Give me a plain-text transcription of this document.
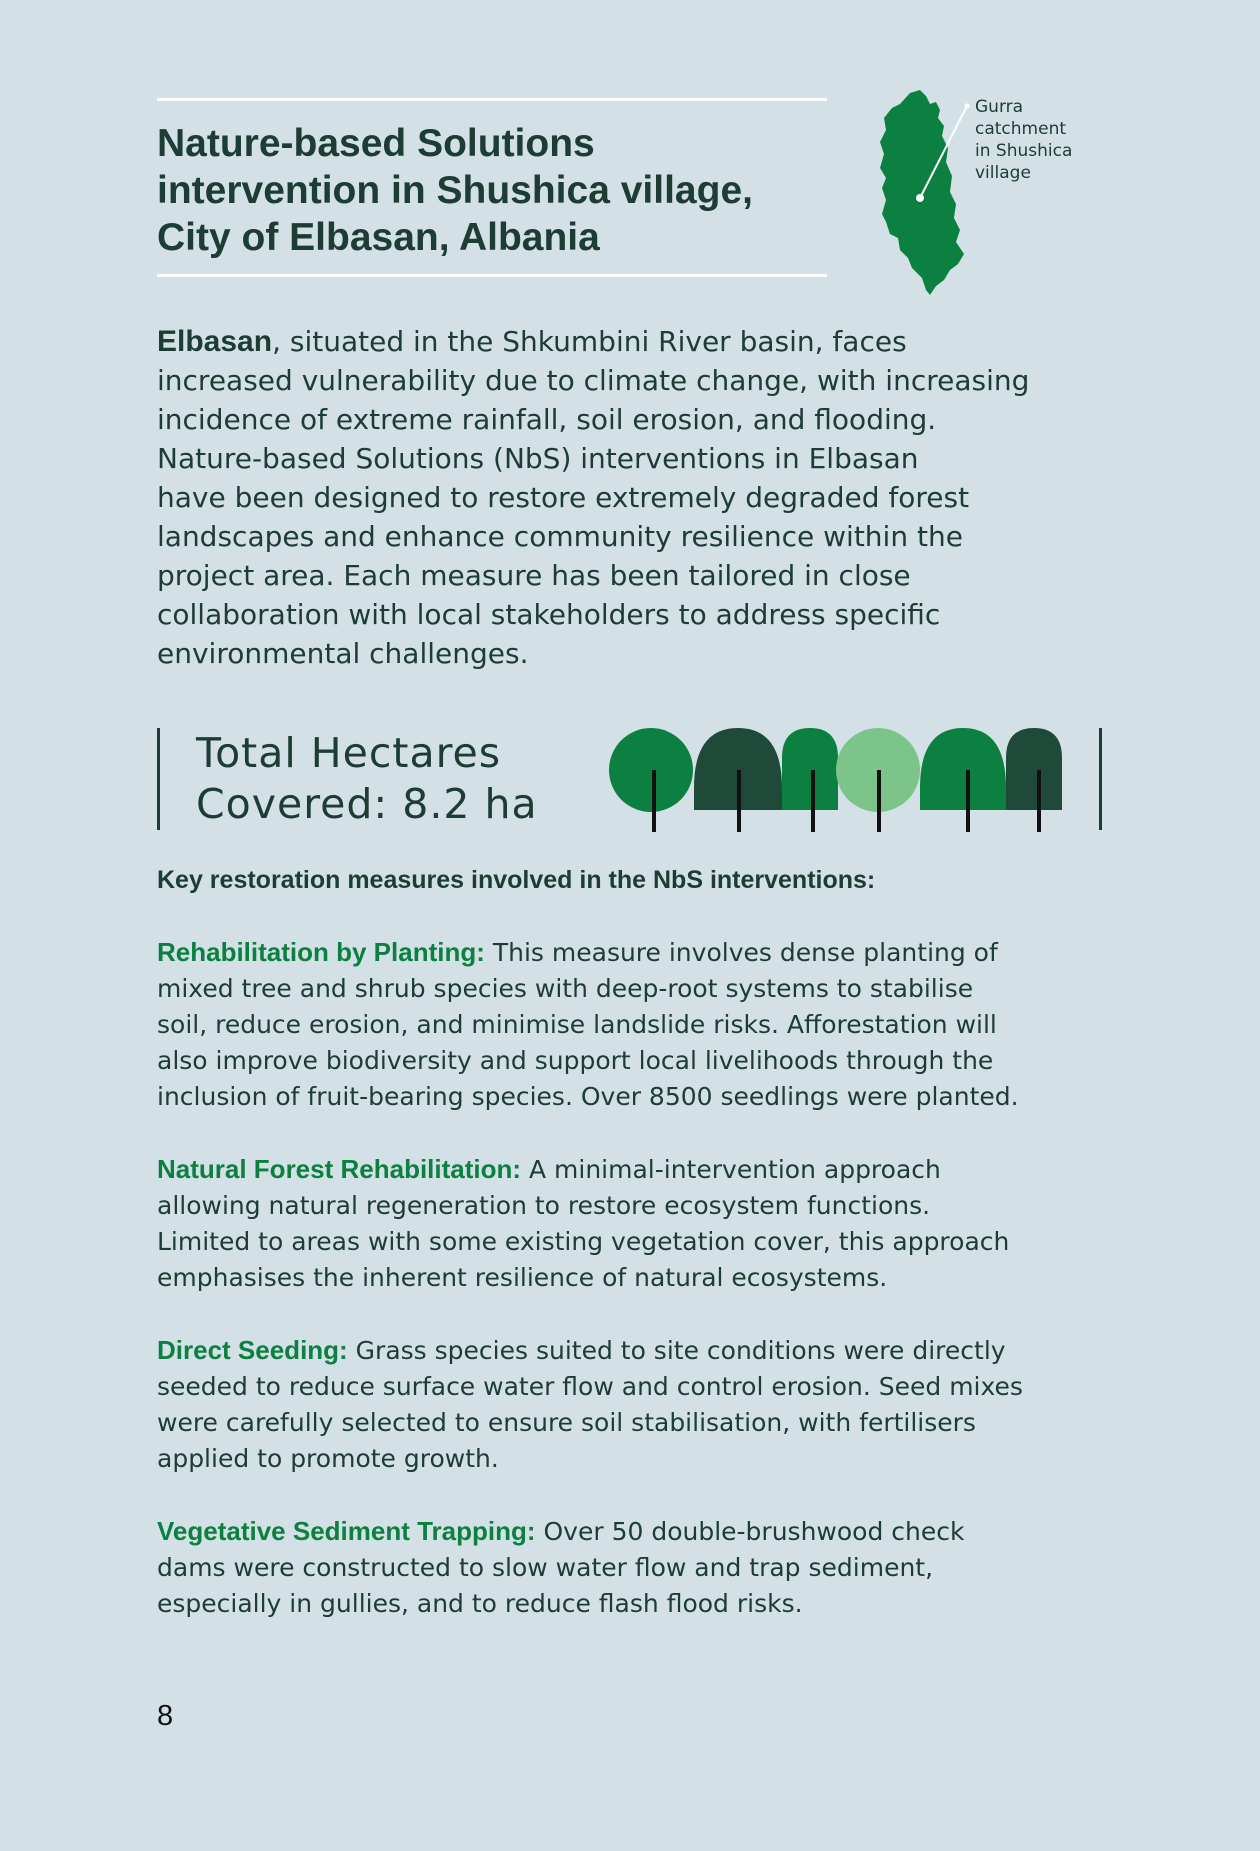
Nature-based Solutions
intervention in Shushica village,
City of Elbasan, Albania
Gurra
catchment
in Shushica
village
Elbasan, situated in the Shkumbini River basin, faces
increased vulnerability due to climate change, with increasing
incidence of extreme rainfall, soil erosion, and flooding.
Nature-based Solutions (NbS) interventions in Elbasan
have been designed to restore extremely degraded forest
landscapes and enhance community resilience within the
project area. Each measure has been tailored in close
collaboration with local stakeholders to address specific
environmental challenges.
Total Hectares
Covered: 8.2 ha
Key restoration measures involved in the NbS interventions:
Rehabilitation by Planting: This measure involves dense planting of
mixed tree and shrub species with deep-root systems to stabilise
soil, reduce erosion, and minimise landslide risks. Afforestation will
also improve biodiversity and support local livelihoods through the
inclusion of fruit-bearing species. Over 8500 seedlings were planted.
Natural Forest Rehabilitation: A minimal-intervention approach
allowing natural regeneration to restore ecosystem functions.
Limited to areas with some existing vegetation cover, this approach
emphasises the inherent resilience of natural ecosystems.
Direct Seeding: Grass species suited to site conditions were directly
seeded to reduce surface water flow and control erosion. Seed mixes
were carefully selected to ensure soil stabilisation, with fertilisers
applied to promote growth.
Vegetative Sediment Trapping: Over 50 double-brushwood check
dams were constructed to slow water flow and trap sediment,
especially in gullies, and to reduce flash flood risks.
8
